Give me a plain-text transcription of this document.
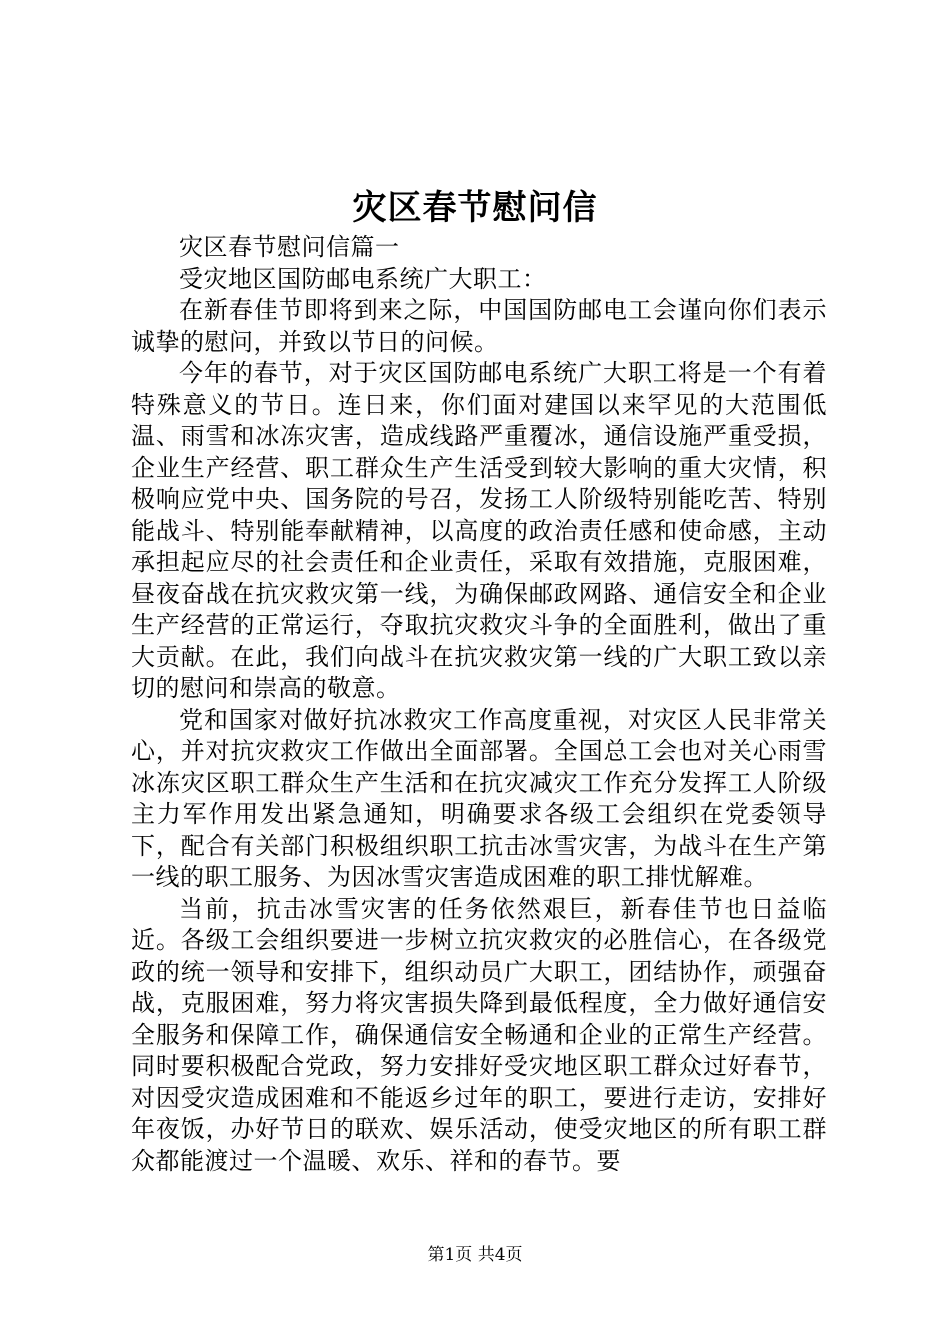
灾区春节慰问信

灾区春节慰问信篇一

受灾地区国防邮电系统广大职工：

在新春佳节即将到来之际，中国国防邮电工会谨向你们表示诚挚的慰问，并致以节日的问候。

今年的春节，对于灾区国防邮电系统广大职工将是一个有着特殊意义的节日。连日来，你们面对建国以来罕见的大范围低温、雨雪和冰冻灾害，造成线路严重覆冰，通信设施严重受损，企业生产经营、职工群众生产生活受到较大影响的重大灾情，积极响应党中央、国务院的号召，发扬工人阶级特别能吃苦、特别能战斗、特别能奉献精神，以高度的政治责任感和使命感，主动承担起应尽的社会责任和企业责任，采取有效措施，克服困难，昼夜奋战在抗灾救灾第一线，为确保邮政网路、通信安全和企业生产经营的正常运行，夺取抗灾救灾斗争的全面胜利，做出了重大贡献。在此，我们向战斗在抗灾救灾第一线的广大职工致以亲切的慰问和崇高的敬意。

党和国家对做好抗冰救灾工作高度重视，对灾区人民非常关心，并对抗灾救灾工作做出全面部署。全国总工会也对关心雨雪冰冻灾区职工群众生产生活和在抗灾减灾工作充分发挥工人阶级主力军作用发出紧急通知，明确要求各级工会组织在党委领导下，配合有关部门积极组织职工抗击冰雪灾害，为战斗在生产第一线的职工服务、为因冰雪灾害造成困难的职工排忧解难。

当前，抗击冰雪灾害的任务依然艰巨，新春佳节也日益临近。各级工会组织要进一步树立抗灾救灾的必胜信心，在各级党政的统一领导和安排下，组织动员广大职工，团结协作，顽强奋战，克服困难，努力将灾害损失降到最低程度，全力做好通信安全服务和保障工作，确保通信安全畅通和企业的正常生产经营。同时要积极配合党政，努力安排好受灾地区职工群众过好春节，对因受灾造成困难和不能返乡过年的职工，要进行走访，安排好年夜饭，办好节日的联欢、娱乐活动，使受灾地区的所有职工群众都能渡过一个温暖、欢乐、祥和的春节。要

第1页 共4页
